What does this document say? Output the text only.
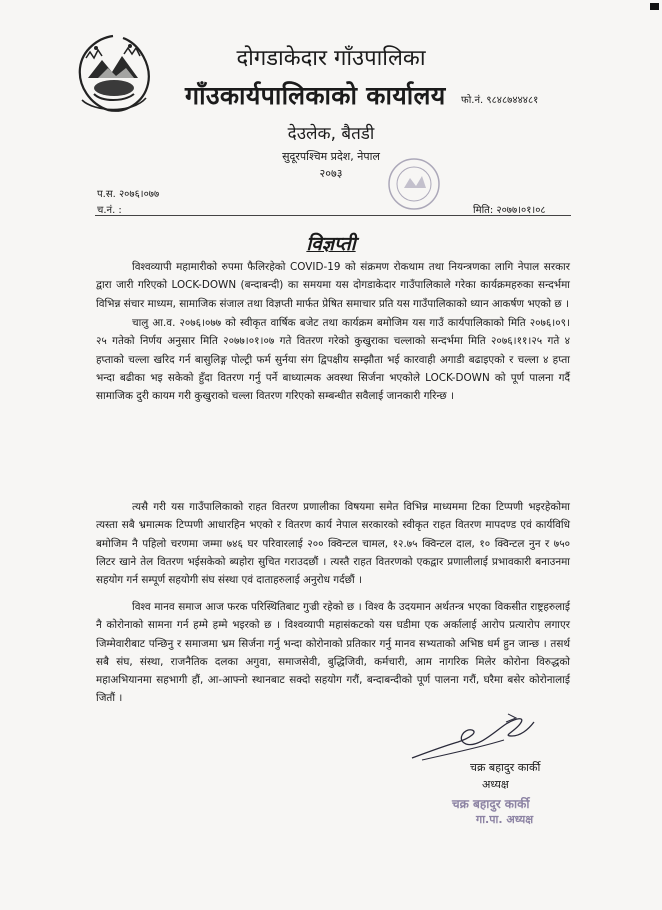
दोगडाकेदार गाँउपालिका
गाँउकार्यपालिकाको कार्यालय फो.नं. ९८४८७४४४८१
देउलेक, बैतडी
सुदूरपश्चिम प्रदेश, नेपाल
२०७३
प.स. २०७६।०७७
च.नं. :	मिति: २०७७।०१।०८
विज्ञप्ती

विश्वव्यापी महामारीको रुपमा फैलिरहेको COVID-19 को संक्रमण रोकथाम तथा नियन्त्रणका लागि नेपाल सरकार द्वारा जारी गरिएको LOCK-DOWN (बन्दाबन्दी) का समयमा यस दोगडाकेदार गाउँपालिकाले गरेका कार्यक्रमहरुका सन्दर्भमा विभिन्न संचार माध्यम, सामाजिक संजाल तथा विज्ञप्ती मार्फत प्रेषित समाचार प्रति यस गाउँपालिकाको ध्यान आकर्षण भएको छ ।

चालु आ.व. २०७६।०७७ को स्वीकृत वार्षिक बजेट तथा कार्यक्रम बमोजिम यस गाउँ कार्यपालिकाको मिति २०७६।०९।२५ गतेको निर्णय अनुसार मिति २०७७।०१।०७ गते वितरण गरेको कुखुराका चल्लाको सन्दर्भमा मिति २०७६।११।२५ गते ४ हप्ताको चल्ला खरिद गर्न बासुलिङ्ग पोल्ट्री फर्म सुर्नया संग द्विपक्षीय सम्झौता भई कारवाही अगाडी बढाइएको र चल्ला ४ हप्ता भन्दा बढीका भइ सकेको हुँदा वितरण गर्नु पर्ने बाध्यात्मक अवस्था सिर्जना भएकोले LOCK-DOWN को पूर्ण पालना गर्दै सामाजिक दुरी कायम गरी कुखुराको चल्ला वितरण गरिएको सम्बन्धीत सवैलाई जानकारी गरिन्छ ।

त्यसै गरी यस गाउँपालिकाको राहत वितरण प्रणालीका विषयमा समेत विभिन्न माध्यममा टिका टिप्पणी भइरहेकोमा त्यस्ता सबै भ्रमात्मक टिप्पणी आधारहिन भएको र वितरण कार्य नेपाल सरकारको स्वीकृत राहत वितरण मापदण्ड एवं कार्यविधि बमोजिम नै पहिलो चरणमा जम्मा ७४६ घर परिवारलाई २०० क्विन्टल चामल, १२.७५ क्विन्टल दाल, १० क्विन्टल नुन र ७५० लिटर खाने तेल वितरण भईसकेको ब्यहोरा सुचित गराउदछौं । त्यस्तै राहत वितरणको एकद्वार प्रणालीलाई प्रभावकारी बनाउनमा सहयोग गर्न सम्पूर्ण सहयोगी संघ संस्था एवं दाताहरुलाई अनुरोध गर्दछौं ।

विश्व मानव समाज आज फरक परिस्थितिबाट गुज्री रहेको छ । विश्व कै उदयमान अर्थतन्त्र भएका विकसीत राष्ट्रहरुलाई नै कोरोनाको सामना गर्न हम्मे हम्मे भइरको छ । विश्वव्यापी महासंकटको यस घडीमा एक अर्कालाई आरोप प्रत्यारोप लगाएर जिम्मेवारीबाट पन्छिनु र समाजमा भ्रम सिर्जना गर्नु भन्दा कोरोनाको प्रतिकार गर्नु मानव सभ्यताको अभिष्ठ धर्म हुन जान्छ । तसर्थ सबै संघ, संस्था, राजनैतिक दलका अगुवा, समाजसेवी, बुद्धिजिवी, कर्मचारी, आम नागरिक मिलेर कोरोना विरुद्धको महाअभियानमा सहभागी हौं, आ-आफ्नो स्थानबाट सक्दो सहयोग गरौं, बन्दाबन्दीको पूर्ण पालना गरौं, घरैमा बसेर कोरोनालाई जितौं ।

चक्र बहादुर कार्की
अध्यक्ष
चक्र बहादुर कार्की
गा.पा. अध्यक्ष
